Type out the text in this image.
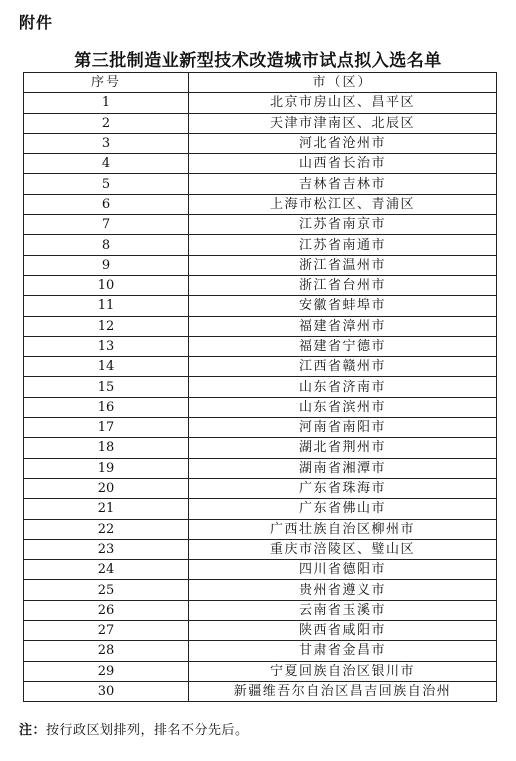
附件
第三批制造业新型技术改造城市试点拟入选名单
序号	市（区）
1	北京市房山区、昌平区
2	天津市津南区、北辰区
3	河北省沧州市
4	山西省长治市
5	吉林省吉林市
6	上海市松江区、青浦区
7	江苏省南京市
8	江苏省南通市
9	浙江省温州市
10	浙江省台州市
11	安徽省蚌埠市
12	福建省漳州市
13	福建省宁德市
14	江西省赣州市
15	山东省济南市
16	山东省滨州市
17	河南省南阳市
18	湖北省荆州市
19	湖南省湘潭市
20	广东省珠海市
21	广东省佛山市
22	广西壮族自治区柳州市
23	重庆市涪陵区、璧山区
24	四川省德阳市
25	贵州省遵义市
26	云南省玉溪市
27	陕西省咸阳市
28	甘肃省金昌市
29	宁夏回族自治区银川市
30	新疆维吾尔自治区昌吉回族自治州
注：按行政区划排列，排名不分先后。
